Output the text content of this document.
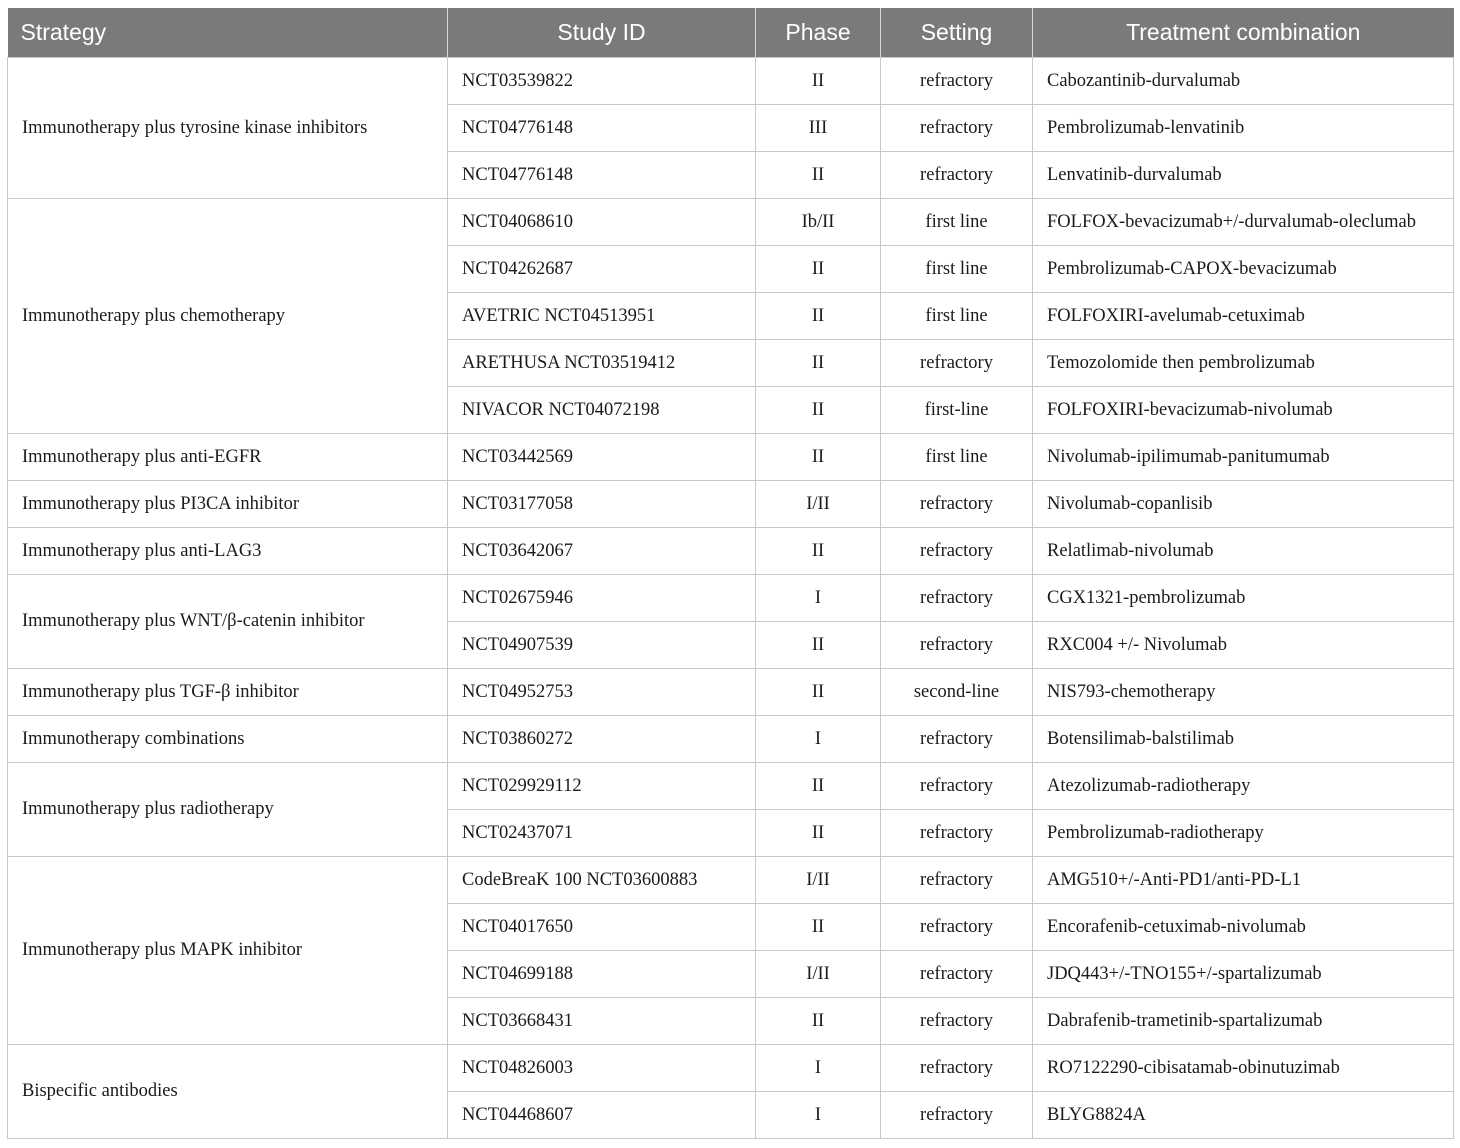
Strategy	Study ID	Phase	Setting	Treatment combination
Immunotherapy plus tyrosine kinase inhibitors	NCT03539822	II	refractory	Cabozantinib-durvalumab
	NCT04776148	III	refractory	Pembrolizumab-lenvatinib
	NCT04776148	II	refractory	Lenvatinib-durvalumab
Immunotherapy plus chemotherapy	NCT04068610	Ib/II	first line	FOLFOX-bevacizumab+/-durvalumab-oleclumab
	NCT04262687	II	first line	Pembrolizumab-CAPOX-bevacizumab
	AVETRIC NCT04513951	II	first line	FOLFOXIRI-avelumab-cetuximab
	ARETHUSA NCT03519412	II	refractory	Temozolomide then pembrolizumab
	NIVACOR NCT04072198	II	first-line	FOLFOXIRI-bevacizumab-nivolumab
Immunotherapy plus anti-EGFR	NCT03442569	II	first line	Nivolumab-ipilimumab-panitumumab
Immunotherapy plus PI3CA inhibitor	NCT03177058	I/II	refractory	Nivolumab-copanlisib
Immunotherapy plus anti-LAG3	NCT03642067	II	refractory	Relatlimab-nivolumab
Immunotherapy plus WNT/β-catenin inhibitor	NCT02675946	I	refractory	CGX1321-pembrolizumab
	NCT04907539	II	refractory	RXC004 +/- Nivolumab
Immunotherapy plus TGF-β inhibitor	NCT04952753	II	second-line	NIS793-chemotherapy
Immunotherapy combinations	NCT03860272	I	refractory	Botensilimab-balstilimab
Immunotherapy plus radiotherapy	NCT029929112	II	refractory	Atezolizumab-radiotherapy
	NCT02437071	II	refractory	Pembrolizumab-radiotherapy
Immunotherapy plus MAPK inhibitor	CodeBreaK 100 NCT03600883	I/II	refractory	AMG510+/-Anti-PD1/anti-PD-L1
	NCT04017650	II	refractory	Encorafenib-cetuximab-nivolumab
	NCT04699188	I/II	refractory	JDQ443+/-TNO155+/-spartalizumab
	NCT03668431	II	refractory	Dabrafenib-trametinib-spartalizumab
Bispecific antibodies	NCT04826003	I	refractory	RO7122290-cibisatamab-obinutuzimab
	NCT04468607	I	refractory	BLYG8824A
